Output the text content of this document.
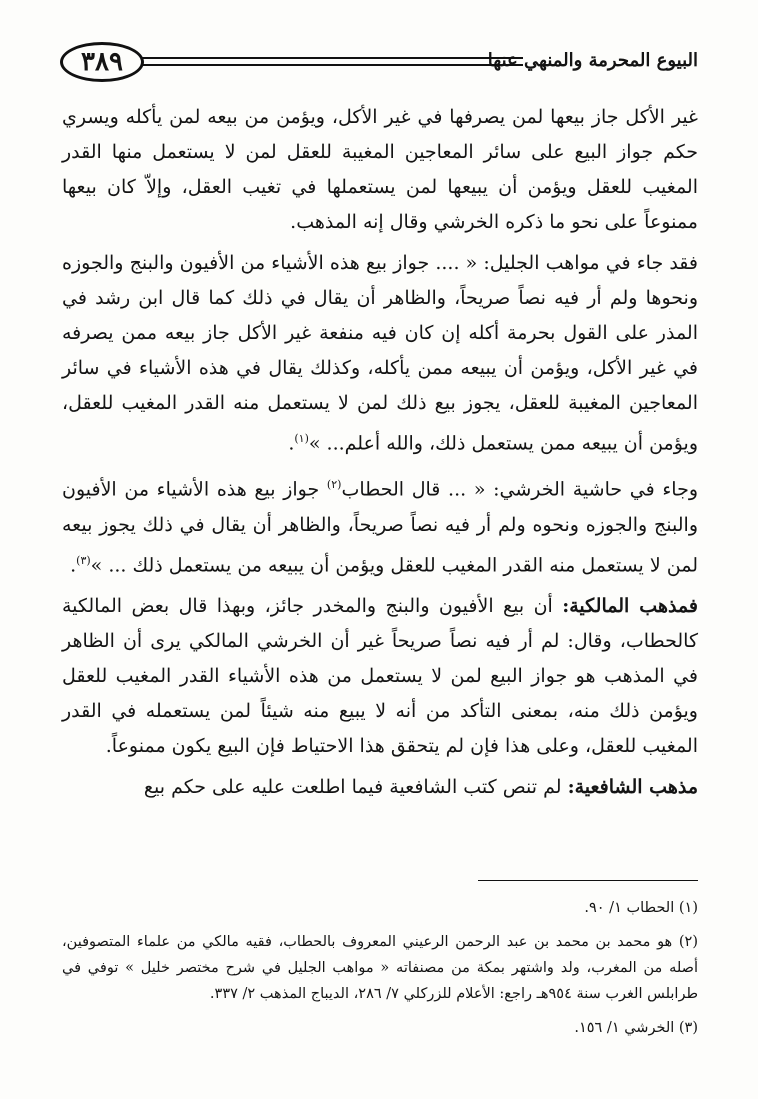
البيوع المحرمة والمنهي عنها
٣٨٩

غير الأكل جاز بيعها لمن يصرفها في غير الأكل، ويؤمن من بيعه لمن يأكله ويسري حكم جواز البيع على سائر المعاجين المغيبة للعقل لمن لا يستعمل منها القدر المغيب للعقل ويؤمن أن يبيعها لمن يستعملها في تغيب العقل، وإلاّ كان بيعها ممنوعاً على نحو ما ذكره الخرشي وقال إنه المذهب.

فقد جاء في مواهب الجليل: « .... جواز بيع هذه الأشياء من الأفيون والبنج والجوزه ونحوها ولم أر فيه نصاً صريحاً، والظاهر أن يقال في ذلك كما قال ابن رشد في المذر على القول بحرمة أكله إن كان فيه منفعة غير الأكل جاز بيعه ممن يصرفه في غير الأكل، ويؤمن أن يبيعه ممن يأكله، وكذلك يقال في هذه الأشياء في سائر المعاجين المغيبة للعقل، يجوز بيع ذلك لمن لا يستعمل منه القدر المغيب للعقل، ويؤمن أن يبيعه ممن يستعمل ذلك، والله أعلم... »$^{(١)}$.

وجاء في حاشية الخرشي: « ... قال الحطاب$^{(٢)}$ جواز بيع هذه الأشياء من الأفيون والبنج والجوزه ونحوه ولم أر فيه نصاً صريحاً، والظاهر أن يقال في ذلك يجوز بيعه لمن لا يستعمل منه القدر المغيب للعقل ويؤمن أن يبيعه من يستعمل ذلك ... »$^{(٣)}$.

فمذهب المالكية: أن بيع الأفيون والبنج والمخدر جائز، وبهذا قال بعض المالكية كالحطاب، وقال: لم أر فيه نصاً صريحاً غير أن الخرشي المالكي يرى أن الظاهر في المذهب هو جواز البيع لمن لا يستعمل من هذه الأشياء القدر المغيب للعقل ويؤمن ذلك منه، بمعنى التأكد من أنه لا يبيع منه شيئاً لمن يستعمله في القدر المغيب للعقل، وعلى هذا فإن لم يتحقق هذا الاحتياط فإن البيع يكون ممنوعاً.

مذهب الشافعية: لم تنص كتب الشافعية فيما اطلعت عليه على حكم بيع

(١) الحطاب ١/ ٩٠.

(٢) هو محمد بن محمد بن عبد الرحمن الرعيني المعروف بالحطاب، فقيه مالكي من علماء المتصوفين، أصله من المغرب، ولد واشتهر بمكة من مصنفاته « مواهب الجليل في شرح مختصر خليل » توفي في طرابلس الغرب سنة ٩٥٤هـ راجع: الأعلام للزركلي ٧/ ٢٨٦، الديباج المذهب ٢/ ٣٣٧.

(٣) الخرشي ١/ ١٥٦.
